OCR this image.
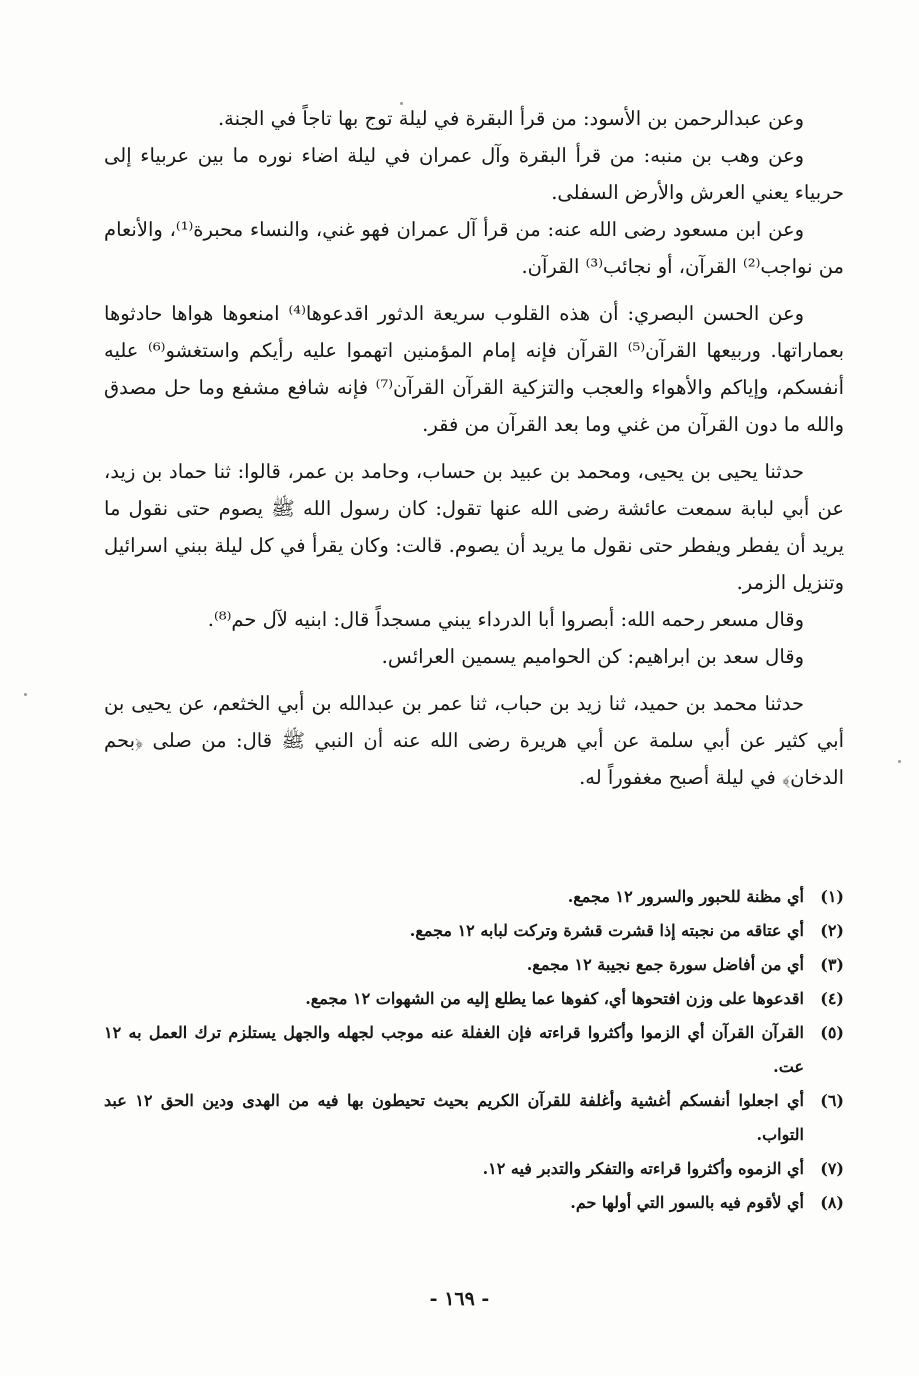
وعن عبدالرحمن بن الأسود: من قرأ البقرة في ليلة توج بها تاجاً في الجنة.

وعن وهب بن منبه: من قرأ البقرة وآل عمران في ليلة اضاء نوره ما بين عربياء إلى حربياء يعني العرش والأرض السفلى.

وعن ابن مسعود رضى الله عنه: من قرأ آل عمران فهو غني، والنساء محبرة⁽¹⁾، والأنعام من نواجب⁽²⁾ القرآن، أو نجائب⁽³⁾ القرآن.

وعن الحسن البصري: أن هذه القلوب سريعة الدثور اقدعوها⁽⁴⁾ امنعوها هواها حادثوها بعماراتها. وربيعها القرآن⁽⁵⁾ القرآن فإنه إمام المؤمنين اتهموا عليه رأيكم واستغشو⁽⁶⁾ عليه أنفسكم، وإياكم والأهواء والعجب والتزكية القرآن القرآن⁽⁷⁾ فإنه شافع مشفع وما حل مصدق والله ما دون القرآن من غني وما بعد القرآن من فقر.

حدثنا يحيى بن يحيى، ومحمد بن عبيد بن حساب، وحامد بن عمر، قالوا: ثنا حماد بن زيد، عن أبي لبابة سمعت عائشة رضى الله عنها تقول: كان رسول الله ﷺ يصوم حتى نقول ما يريد أن يفطر ويفطر حتى نقول ما يريد أن يصوم. قالت: وكان يقرأ في كل ليلة ببني اسرائيل وتنزيل الزمر.

وقال مسعر رحمه الله: أبصروا أبا الدرداء يبني مسجداً قال: ابنيه لآل حم⁽⁸⁾.

وقال سعد بن ابراهيم: كن الحواميم يسمين العرائس.

حدثنا محمد بن حميد، ثنا زيد بن حباب، ثنا عمر بن عبدالله بن أبي الخثعم، عن يحيى بن أبي كثير عن أبي سلمة عن أبي هريرة رضى الله عنه أن النبي ﷺ قال: من صلى ﴿بحم الدخان﴾ في ليلة أصبح مغفوراً له.

(١)
أي مظنة للحبور والسرور ١٢ مجمع.
(٢)
أي عتاقه من نجبته إذا قشرت قشرة وتركت لبابه ١٢ مجمع.
(٣)
أي من أفاضل سورة جمع نجيبة ١٢ مجمع.
(٤)
اقدعوها على وزن افتحوها أي، كفوها عما يطلع إليه من الشهوات ١٢ مجمع.
(٥)
القرآن القرآن أي الزموا وأكثروا قراءته فإن الغفلة عنه موجب لجهله والجهل يستلزم ترك العمل به ١٢ عت.
(٦)
أي اجعلوا أنفسكم أغشية وأغلفة للقرآن الكريم بحيث تحيطون بها فيه من الهدى ودين الحق ١٢ عبد التواب.
(٧)
أي الزموه وأكثروا قراءته والتفكر والتدبر فيه ١٢.
(٨)
أي لأقوم فيه بالسور التي أولها حم.
- ١٦٩ -
